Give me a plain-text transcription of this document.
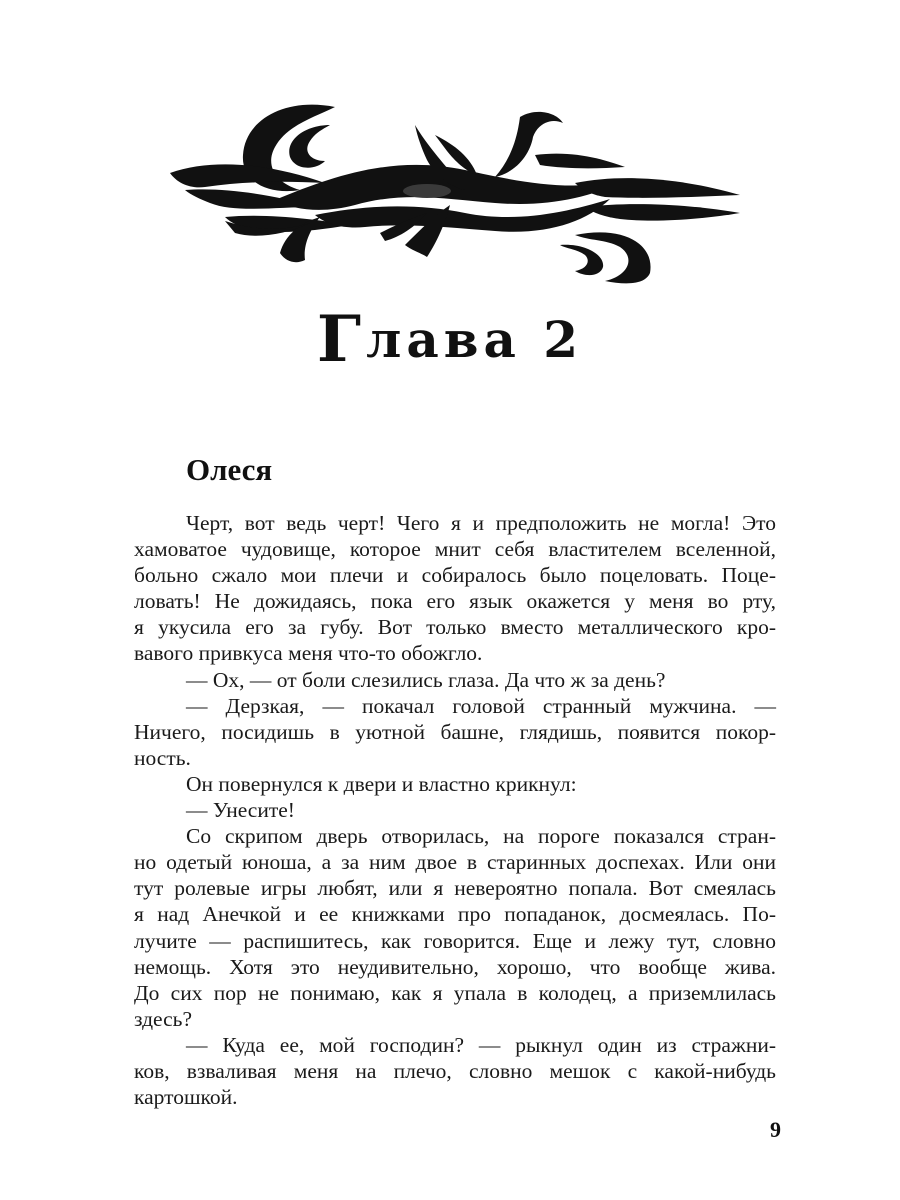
Глава 2
Олеся
Черт, вот ведь черт! Чего я и предположить не могла! Это
хамоватое чудовище, которое мнит себя властителем вселенной,
больно сжало мои плечи и собиралось было поцеловать. Поце-
ловать! Не дожидаясь, пока его язык окажется у меня во рту,
я укусила его за губу. Вот только вместо металлического кро-
вавого привкуса меня что-то обожгло.
— Ох, — от боли слезились глаза. Да что ж за день?
— Дерзкая, — покачал головой странный мужчина. —
Ничего, посидишь в уютной башне, глядишь, появится покор-
ность.
Он повернулся к двери и властно крикнул:
— Унесите!
Со скрипом дверь отворилась, на пороге показался стран-
но одетый юноша, а за ним двое в старинных доспехах. Или они
тут ролевые игры любят, или я невероятно попала. Вот смеялась
я над Анечкой и ее книжками про попаданок, досмеялась. По-
лучите — распишитесь, как говорится. Еще и лежу тут, словно
немощь. Хотя это неудивительно, хорошо, что вообще жива.
До сих пор не понимаю, как я упала в колодец, а приземлилась
здесь?
— Куда ее, мой господин? — рыкнул один из стражни-
ков, взваливая меня на плечо, словно мешок с какой-нибудь
картошкой.
9
